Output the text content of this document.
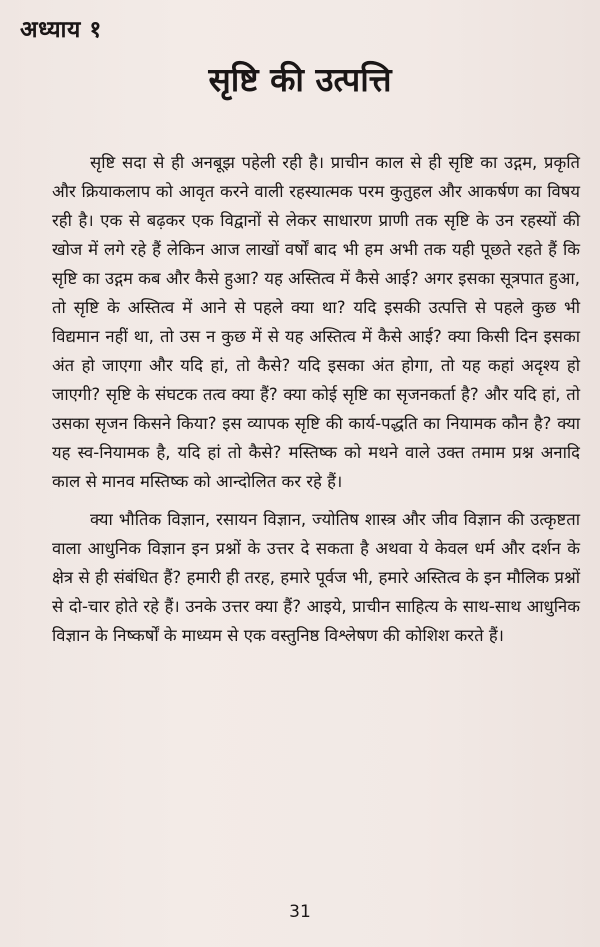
अध्याय १
सृष्टि की उत्पत्ति

सृष्टि सदा से ही अनबूझ पहेली रही है। प्राचीन काल से ही सृष्टि का उद्गम, प्रकृति और क्रियाकलाप को आवृत करने वाली रहस्यात्मक परम कुतुहल और आकर्षण का विषय रही है। एक से बढ़कर एक विद्वानों से लेकर साधारण प्राणी तक सृष्टि के उन रहस्यों की खोज में लगे रहे हैं लेकिन आज लाखों वर्षों बाद भी हम अभी तक यही पूछते रहते हैं कि सृष्टि का उद्गम कब और कैसे हुआ? यह अस्तित्व में कैसे आई? अगर इसका सूत्रपात हुआ, तो सृष्टि के अस्तित्व में आने से पहले क्या था? यदि इसकी उत्पत्ति से पहले कुछ भी विद्यमान नहीं था, तो उस न कुछ में से यह अस्तित्व में कैसे आई? क्या किसी दिन इसका अंत हो जाएगा और यदि हां, तो कैसे? यदि इसका अंत होगा, तो यह कहां अदृश्य हो जाएगी? सृष्टि के संघटक तत्व क्या हैं? क्या कोई सृष्टि का सृजनकर्ता है? और यदि हां, तो उसका सृजन किसने किया? इस व्यापक सृष्टि की कार्य-पद्धति का नियामक कौन है? क्या यह स्व-नियामक है, यदि हां तो कैसे? मस्तिष्क को मथने वाले उक्त तमाम प्रश्न अनादि काल से मानव मस्तिष्क को आन्दोलित कर रहे हैं।

क्या भौतिक विज्ञान, रसायन विज्ञान, ज्योतिष शास्त्र और जीव विज्ञान की उत्कृष्टता वाला आधुनिक विज्ञान इन प्रश्नों के उत्तर दे सकता है अथवा ये केवल धर्म और दर्शन के क्षेत्र से ही संबंधित हैं? हमारी ही तरह, हमारे पूर्वज भी, हमारे अस्तित्व के इन मौलिक प्रश्नों से दो-चार होते रहे हैं। उनके उत्तर क्या हैं? आइये, प्राचीन साहित्य के साथ-साथ आधुनिक विज्ञान के निष्कर्षों के माध्यम से एक वस्तुनिष्ठ विश्लेषण की कोशिश करते हैं।

31
